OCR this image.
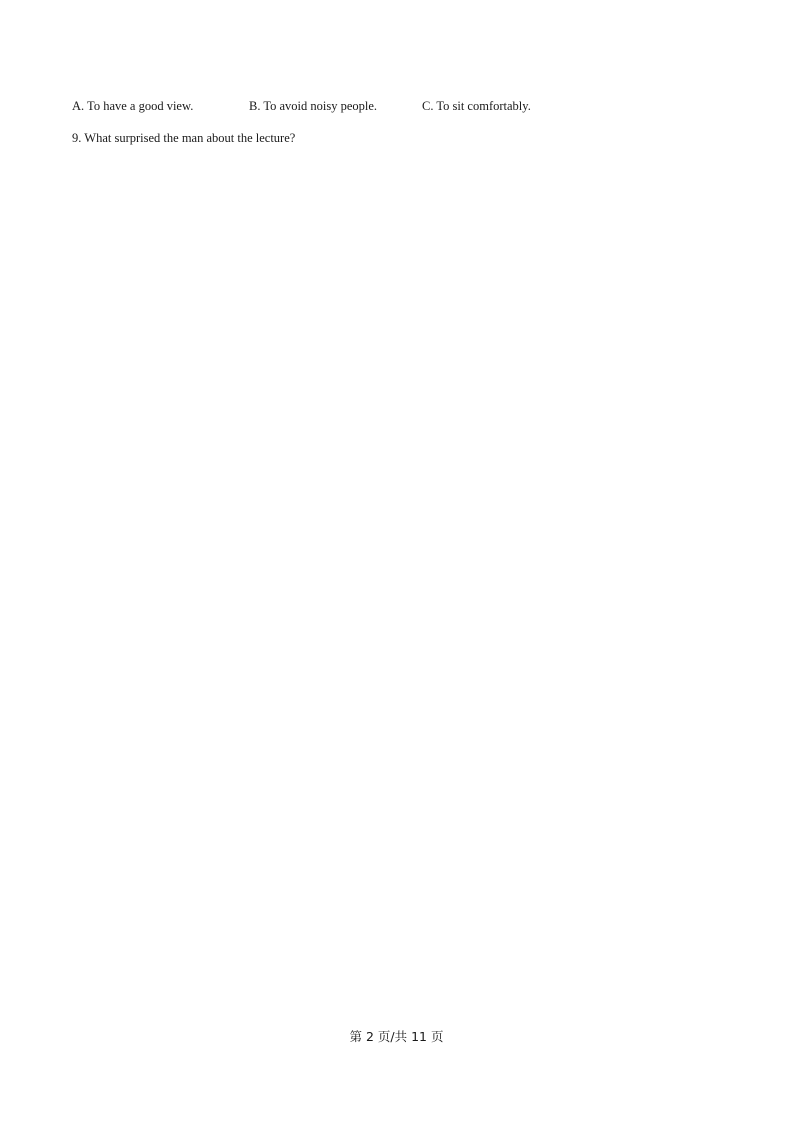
A. To have a good view.	B. To avoid noisy people.	C. To sit comfortably.
9. What surprised the man about the lecture?
第 2 页/共 11 页
